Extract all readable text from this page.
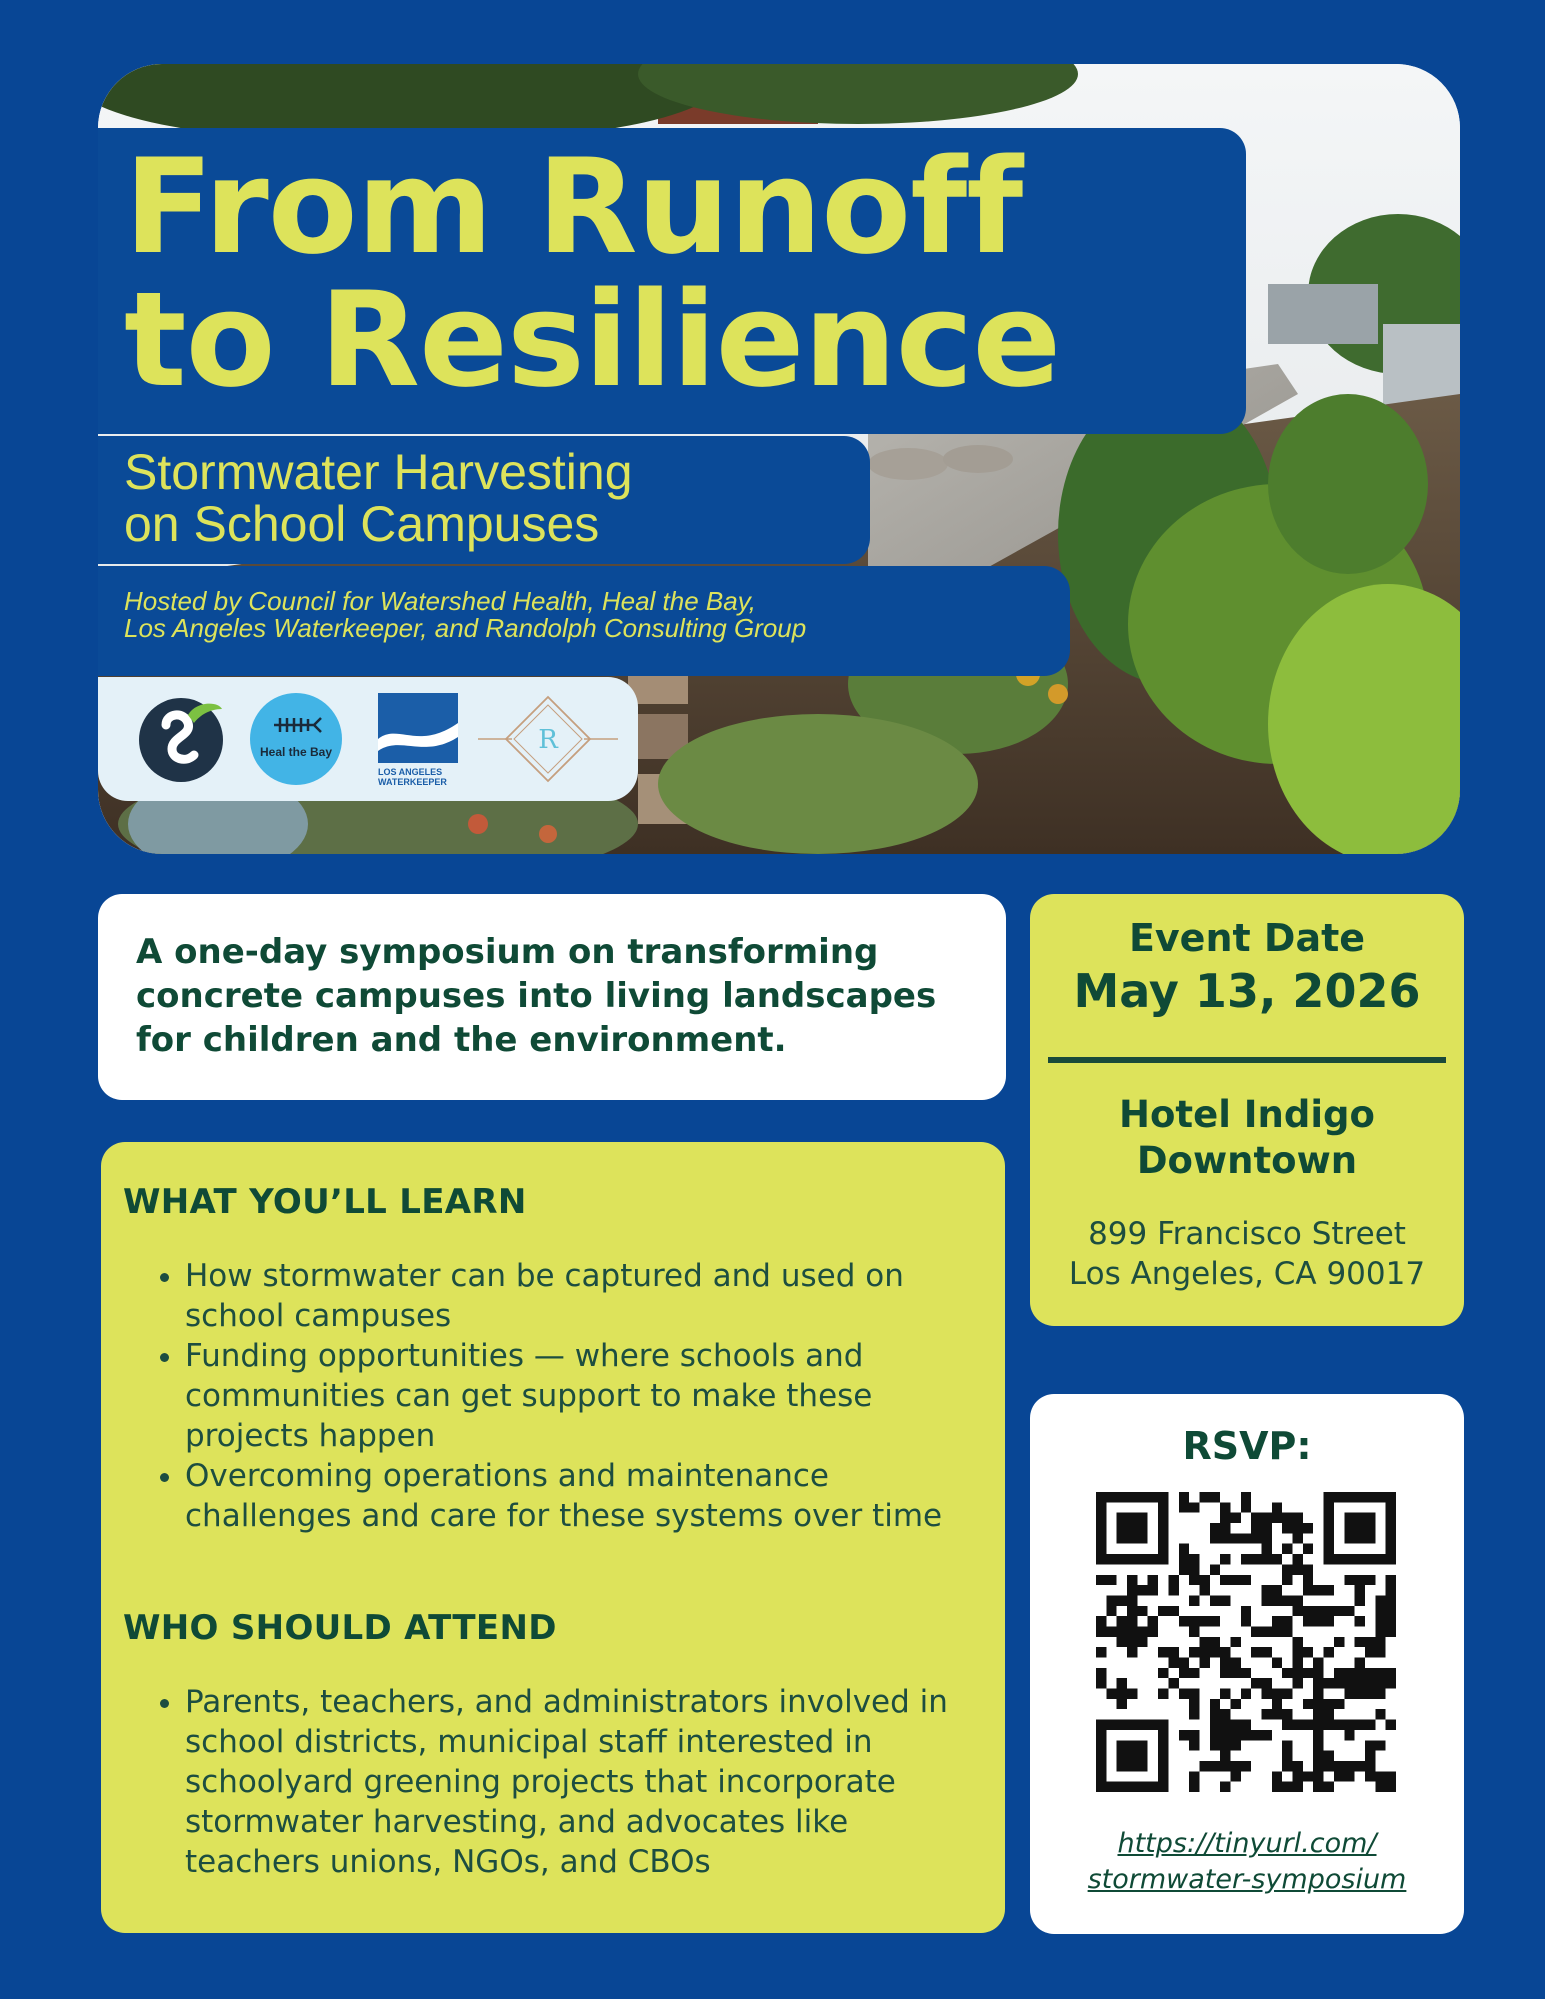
From Runoff
to Resilience

Stormwater Harvesting
on School Campuses

Hosted by Council for Watershed Health, Heal the Bay,
Los Angeles Waterkeeper, and Randolph Consulting Group

Heal the Bay
LOS ANGELES
WATERKEEPER
R

A one-day symposium on transforming concrete campuses into living landscapes for children and the environment.

WHAT YOU’LL LEARN
• How stormwater can be captured and used on school campuses
• Funding opportunities — where schools and communities can get support to make these projects happen
• Overcoming operations and maintenance challenges and care for these systems over time
WHO SHOULD ATTEND
• Parents, teachers, and administrators involved in school districts, municipal staff interested in schoolyard greening projects that incorporate stormwater harvesting, and advocates like teachers unions, NGOs, and CBOs
Event Date
May 13, 2026
Hotel Indigo
Downtown
899 Francisco Street
Los Angeles, CA 90017
RSVP:
https://tinyurl.com/
stormwater-symposium
